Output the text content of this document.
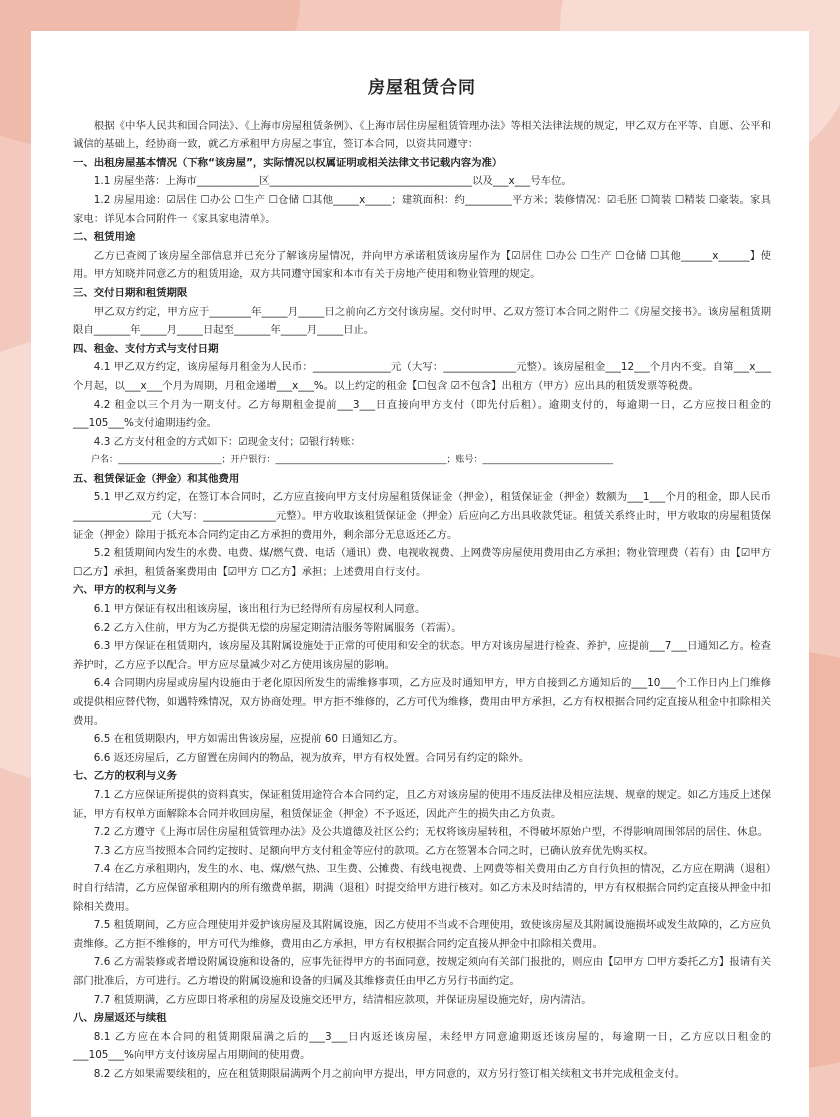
房屋租赁合同
根据《中华人民共和国合同法》、《上海市房屋租赁条例》、《上海市居住房屋租赁管理办法》等相关法律法规的规定，甲乙双方在平等、自愿、公平和诚信的基础上，经协商一致，就乙方承租甲方房屋之事宜，签订本合同，以资共同遵守：
一、出租房屋基本情况（下称“该房屋”，实际情况以权属证明或相关法律文书记载内容为准）
1.1 房屋坐落：上海市____________区_______________________________________以及___x___号车位。
1.2 房屋用途：☑居住 ☐办公 ☐生产 ☐仓储 ☐其他_____x_____；建筑面积：约_________平方米；装修情况：☑毛胚 ☐简装 ☐精装 ☐豪装。家具家电：详见本合同附件一《家具家电清单》。
二、租赁用途
乙方已查阅了该房屋全部信息并已充分了解该房屋情况，并向甲方承诺租赁该房屋作为【☑居住 ☐办公 ☐生产 ☐仓储 ☐其他______x______】使用。甲方知晓并同意乙方的租赁用途，双方共同遵守国家和本市有关于房地产使用和物业管理的规定。
三、交付日期和租赁期限
甲乙双方约定，甲方应于________年_____月_____日之前向乙方交付该房屋。交付时甲、乙双方签订本合同之附件二《房屋交接书》。该房屋租赁期限自_______年_____月_____日起至_______年_____月_____日止。
四、租金、支付方式与支付日期
4.1 甲乙双方约定，该房屋每月租金为人民币：_______________元（大写：______________元整）。该房屋租金___12___个月内不变。自第___x___个月起，以___x___个月为周期，月租金递增___x___%。以上约定的租金【☐包含 ☑不包含】出租方（甲方）应出具的租赁发票等税费。
4.2 租金以三个月为一期支付。乙方每期租金提前___3___日直接向甲方支付（即先付后租）。逾期支付的，每逾期一日，乙方应按日租金的___105___%支付逾期违约金。
4.3 乙方支付租金的方式如下：☑现金支付；☑银行转账：
户名：_______________________；开户银行：______________________________________；账号：_____________________________
五、租赁保证金（押金）和其他费用
5.1 甲乙双方约定，在签订本合同时，乙方应直接向甲方支付房屋租赁保证金（押金），租赁保证金（押金）数额为___1___个月的租金，即人民币_______________元（大写：______________元整）。甲方收取该租赁保证金（押金）后应向乙方出具收款凭证。租赁关系终止时，甲方收取的房屋租赁保证金（押金）除用于抵充本合同约定由乙方承担的费用外，剩余部分无息返还乙方。
5.2 租赁期间内发生的水费、电费、煤/燃气费、电话（通讯）费、电视收视费、上网费等房屋使用费用由乙方承担；物业管理费（若有）由【☑甲方 ☐乙方】承担，租赁备案费用由【☑甲方 ☐乙方】承担；上述费用自行支付。
六、甲方的权利与义务
6.1 甲方保证有权出租该房屋，该出租行为已经得所有房屋权利人同意。
6.2 乙方入住前，甲方为乙方提供无偿的房屋定期清洁服务等附属服务（若需）。
6.3 甲方保证在租赁期内，该房屋及其附属设施处于正常的可使用和安全的状态。甲方对该房屋进行检查、养护，应提前___7___日通知乙方。检查养护时，乙方应予以配合。甲方应尽量减少对乙方使用该房屋的影响。
6.4 合同期内房屋或房屋内设施由于老化原因所发生的需维修事项，乙方应及时通知甲方，甲方自接到乙方通知后的___10___个工作日内上门维修或提供相应替代物，如遇特殊情况，双方协商处理。甲方拒不维修的，乙方可代为维修，费用由甲方承担，乙方有权根据合同约定直接从租金中扣除相关费用。
6.5 在租赁期限内，甲方如需出售该房屋，应提前 60 日通知乙方。
6.6 返还房屋后，乙方留置在房间内的物品，视为放弃，甲方有权处置。合同另有约定的除外。
七、乙方的权利与义务
7.1 乙方应保证所提供的资料真实，保证租赁用途符合本合同约定，且乙方对该房屋的使用不违反法律及相应法规、规章的规定。如乙方违反上述保证，甲方有权单方面解除本合同并收回房屋，租赁保证金（押金）不予返还，因此产生的损失由乙方负责。
7.2 乙方遵守《上海市居住房屋租赁管理办法》及公共道德及社区公约；无权将该房屋转租，不得破坏原始户型，不得影响周围邻居的居住、休息。
7.3 乙方应当按照本合同约定按时、足额向甲方支付租金等应付的款项。乙方在签署本合同之时，已确认放弃优先购买权。
7.4 在乙方承租期内，发生的水、电、煤/燃气热、卫生费、公摊费、有线电视费、上网费等相关费用由乙方自行负担的情况，乙方应在期满（退租）时自行结清，乙方应保留承租期内的所有缴费单据，期满（退租）时提交给甲方进行核对。如乙方未及时结清的，甲方有权根据合同约定直接从押金中扣除相关费用。
7.5 租赁期间，乙方应合理使用并爱护该房屋及其附属设施，因乙方使用不当或不合理使用，致使该房屋及其附属设施损坏或发生故障的，乙方应负责维修。乙方拒不维修的，甲方可代为维修，费用由乙方承担，甲方有权根据合同约定直接从押金中扣除相关费用。
7.6 乙方需装修或者增设附属设施和设备的，应事先征得甲方的书面同意，按规定须向有关部门报批的，则应由【☑甲方 ☐甲方委托乙方】报请有关部门批准后，方可进行。乙方增设的附属设施和设备的归属及其维修责任由甲乙方另行书面约定。
7.7 租赁期满，乙方应即日将承租的房屋及设施交还甲方，结清相应款项，并保证房屋设施完好，房内清洁。
八、房屋返还与续租
8.1 乙方应在本合同的租赁期限届满之后的___3___日内返还该房屋，未经甲方同意逾期返还该房屋的，每逾期一日，乙方应以日租金的___105___%向甲方支付该房屋占用期间的使用费。
8.2 乙方如果需要续租的，应在租赁期限届满两个月之前向甲方提出，甲方同意的，双方另行签订相关续租文书并完成租金支付。
